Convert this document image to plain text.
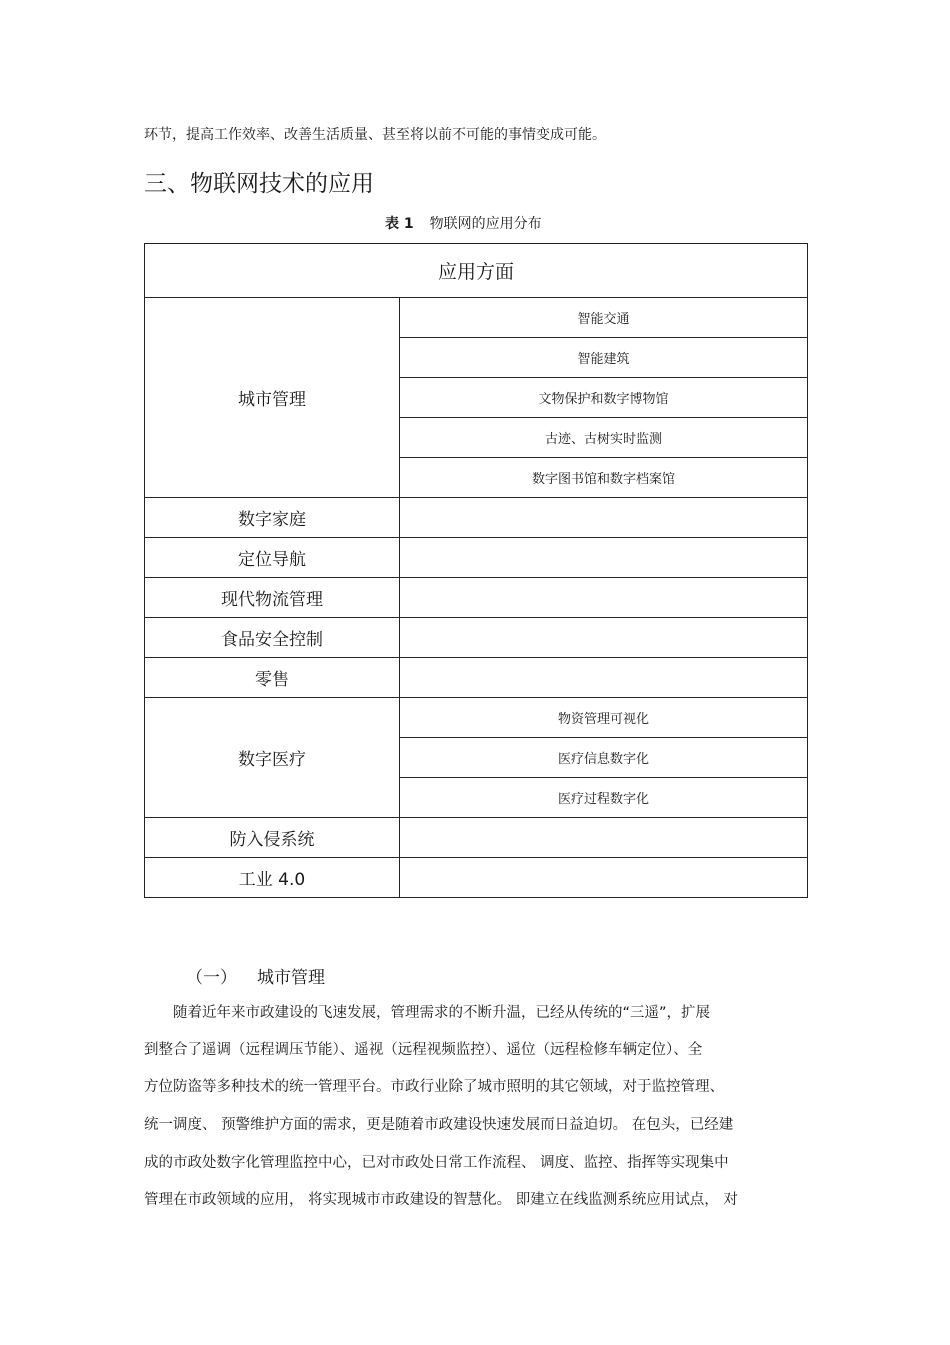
环节，提高工作效率、改善生活质量、甚至将以前不可能的事情变成可能。
三、物联网技术的应用
表 1 物联网的应用分布
应用方面	
城市管理	智能交通
	智能建筑
	文物保护和数字博物馆
	古迹、古树实时监测
	数字图书馆和数字档案馆
数字家庭	
定位导航	
现代物流管理	
食品安全控制	
零售	
数字医疗	物资管理可视化
	医疗信息数字化
	医疗过程数字化
防入侵系统	
工业 4.0	
（一） 城市管理
随着近年来市政建设的飞速发展，管理需求的不断升温，已经从传统的“三遥”，扩展
到整合了遥调（远程调压节能）、遥视（远程视频监控）、遥位（远程检修车辆定位）、全
方位防盗等多种技术的统一管理平台。市政行业除了城市照明的其它领域，对于监控管理、
统一调度、 预警维护方面的需求，更是随着市政建设快速发展而日益迫切。 在包头，已经建
成的市政处数字化管理监控中心，已对市政处日常工作流程、 调度、监控、指挥等实现集中
管理在市政领域的应用， 将实现城市市政建设的智慧化。 即建立在线监测系统应用试点， 对
